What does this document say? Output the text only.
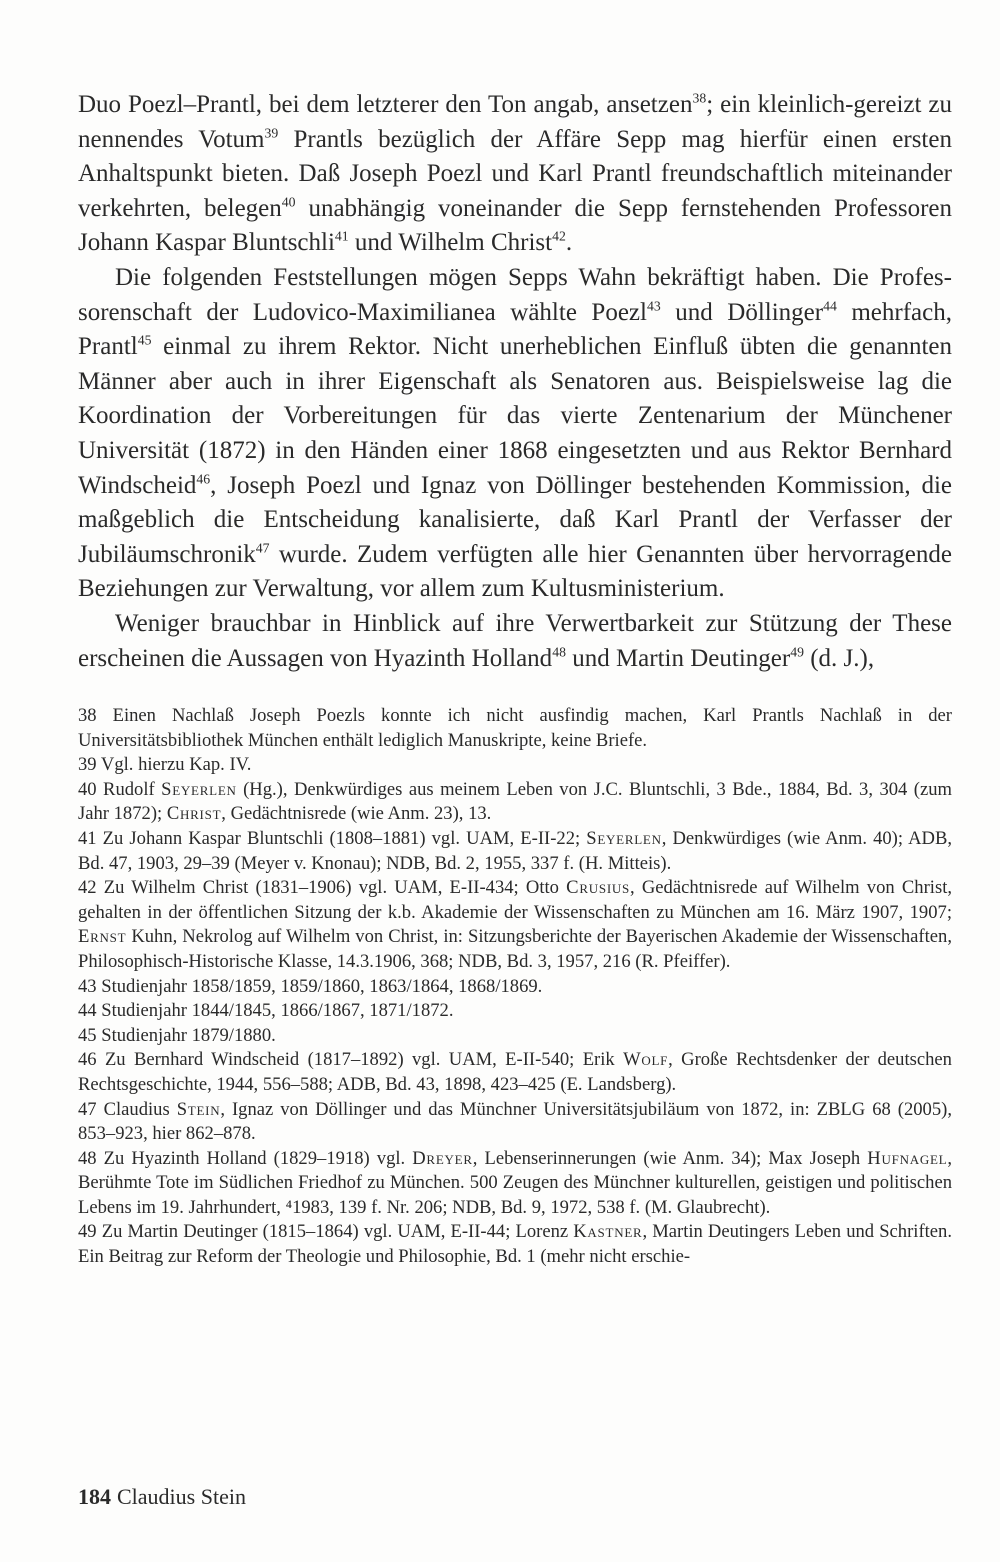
Duo Poezl–Prantl, bei dem letzterer den Ton angab, ansetzen$^{38}$; ein kleinlich-gereizt zu nennendes Votum$^{39}$ Prantls bezüglich der Affäre Sepp mag hierfür einen ersten Anhaltspunkt bieten. Daß Joseph Poezl und Karl Prantl freundschaftlich miteinander verkehrten, belegen$^{40}$ unabhängig voneinander die Sepp fernstehenden Professoren Johann Kaspar Bluntschli$^{41}$ und Wilhelm Christ$^{42}$.

Die folgenden Feststellungen mögen Sepps Wahn bekräftigt haben. Die Professorenschaft der Ludovico-Maximilianea wählte Poezl$^{43}$ und Döllinger$^{44}$ mehrfach, Prantl$^{45}$ einmal zu ihrem Rektor. Nicht unerheblichen Einfluß übten die genannten Männer aber auch in ihrer Eigenschaft als Senatoren aus. Beispielsweise lag die Koordination der Vorbereitungen für das vierte Zentenarium der Münchener Universität (1872) in den Händen einer 1868 eingesetzten und aus Rektor Bernhard Windscheid$^{46}$, Joseph Poezl und Ignaz von Döllinger bestehenden Kommission, die maßgeblich die Entscheidung kanalisierte, daß Karl Prantl der Verfasser der Jubiläumschronik$^{47}$ wurde. Zudem verfügten alle hier Genannten über hervorragende Beziehungen zur Verwaltung, vor allem zum Kultusministerium.

Weniger brauchbar in Hinblick auf ihre Verwertbarkeit zur Stützung der These erscheinen die Aussagen von Hyazinth Holland$^{48}$ und Martin Deutinger$^{49}$ (d. J.),

38 Einen Nachlaß Joseph Poezls konnte ich nicht ausfindig machen, Karl Prantls Nachlaß in der Universitätsbibliothek München enthält lediglich Manuskripte, keine Briefe.

39 Vgl. hierzu Kap. IV.

40 Rudolf Seyerlen (Hg.), Denkwürdiges aus meinem Leben von J.C. Bluntschli, 3 Bde., 1884, Bd. 3, 304 (zum Jahr 1872); Christ, Gedächtnisrede (wie Anm. 23), 13.

41 Zu Johann Kaspar Bluntschli (1808–1881) vgl. UAM, E-II-22; Seyerlen, Denkwürdiges (wie Anm. 40); ADB, Bd. 47, 1903, 29–39 (Meyer v. Knonau); NDB, Bd. 2, 1955, 337 f. (H. Mitteis).

42 Zu Wilhelm Christ (1831–1906) vgl. UAM, E-II-434; Otto Crusius, Gedächtnisrede auf Wilhelm von Christ, gehalten in der öffentlichen Sitzung der k.b. Akademie der Wissenschaften zu München am 16. März 1907, 1907; Ernst Kuhn, Nekrolog auf Wilhelm von Christ, in: Sitzungsberichte der Bayerischen Akademie der Wissenschaften, Philosophisch-Historische Klasse, 14.3.1906, 368; NDB, Bd. 3, 1957, 216 (R. Pfeiffer).

43 Studienjahr 1858/1859, 1859/1860, 1863/1864, 1868/1869.

44 Studienjahr 1844/1845, 1866/1867, 1871/1872.

45 Studienjahr 1879/1880.

46 Zu Bernhard Windscheid (1817–1892) vgl. UAM, E-II-540; Erik Wolf, Große Rechtsdenker der deutschen Rechtsgeschichte, 1944, 556–588; ADB, Bd. 43, 1898, 423–425 (E. Landsberg).

47 Claudius Stein, Ignaz von Döllinger und das Münchner Universitätsjubiläum von 1872, in: ZBLG 68 (2005), 853–923, hier 862–878.

48 Zu Hyazinth Holland (1829–1918) vgl. Dreyer, Lebenserinnerungen (wie Anm. 34); Max Joseph Hufnagel, Berühmte Tote im Südlichen Friedhof zu München. 500 Zeugen des Münchner kulturellen, geistigen und politischen Lebens im 19. Jahrhundert, ⁴1983, 139 f. Nr. 206; NDB, Bd. 9, 1972, 538 f. (M. Glaubrecht).

49 Zu Martin Deutinger (1815–1864) vgl. UAM, E-II-44; Lorenz Kastner, Martin Deutingers Leben und Schriften. Ein Beitrag zur Reform der Theologie und Philosophie, Bd. 1 (mehr nicht erschie-

184 Claudius Stein
